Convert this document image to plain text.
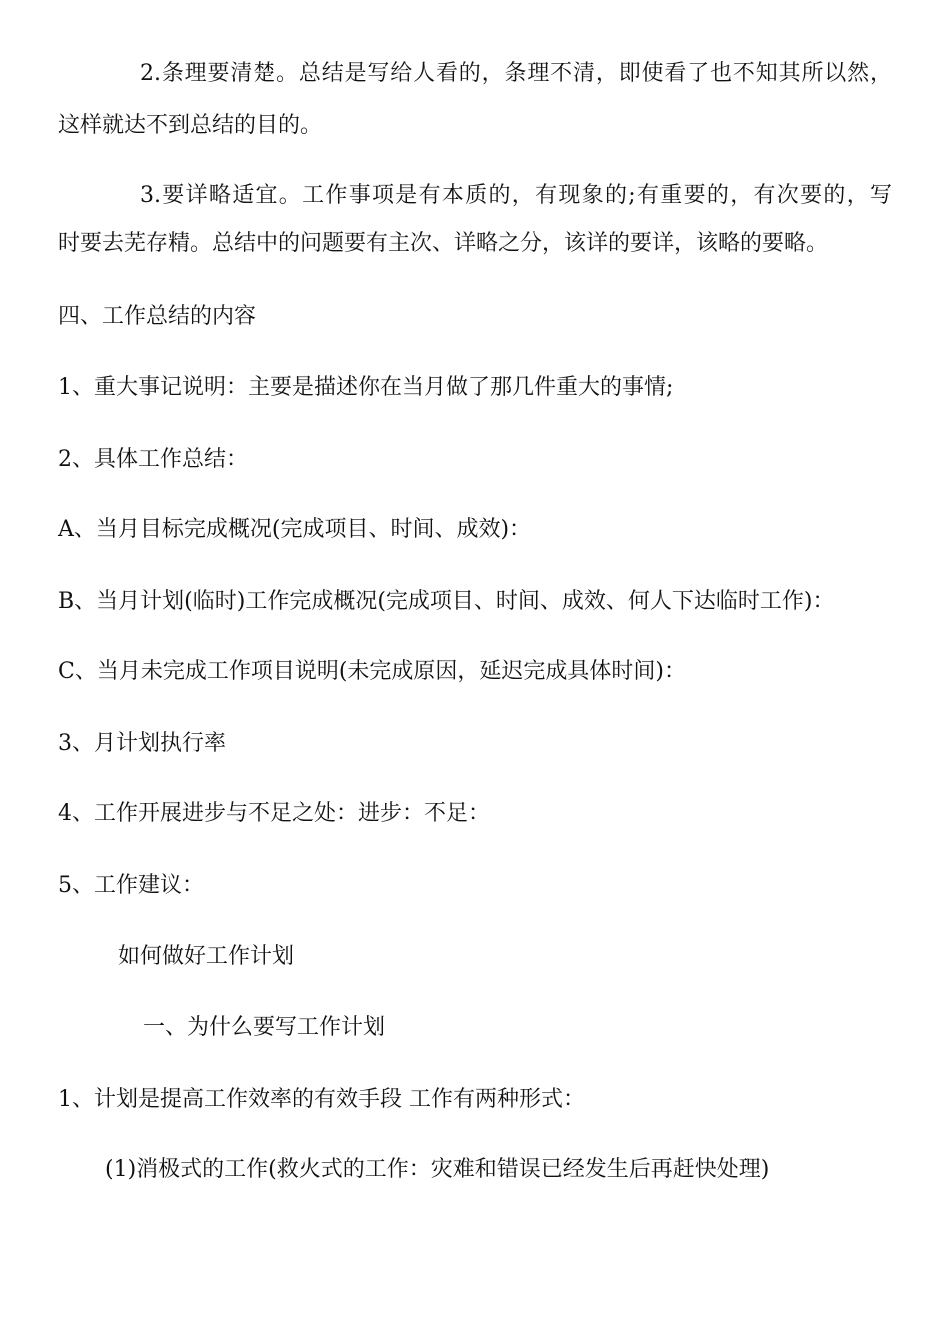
2.条理要清楚。总结是写给人看的，条理不清，即使看了也不知其所以然，

这样就达不到总结的目的。

3.要详略适宜。工作事项是有本质的，有现象的;有重要的，有次要的，写

时要去芜存精。总结中的问题要有主次、详略之分，该详的要详，该略的要略。

四、工作总结的内容

1、重大事记说明：主要是描述你在当月做了那几件重大的事情;

2、具体工作总结：

A、当月目标完成概况(完成项目、时间、成效)：

B、当月计划(临时)工作完成概况(完成项目、时间、成效、何人下达临时工作)：

C、当月未完成工作项目说明(未完成原因，延迟完成具体时间)：

3、月计划执行率

4、工作开展进步与不足之处：进步：不足：

5、工作建议：

如何做好工作计划

一、为什么要写工作计划

1、计划是提高工作效率的有效手段 工作有两种形式：

(1)消极式的工作(救火式的工作：灾难和错误已经发生后再赶快处理)
